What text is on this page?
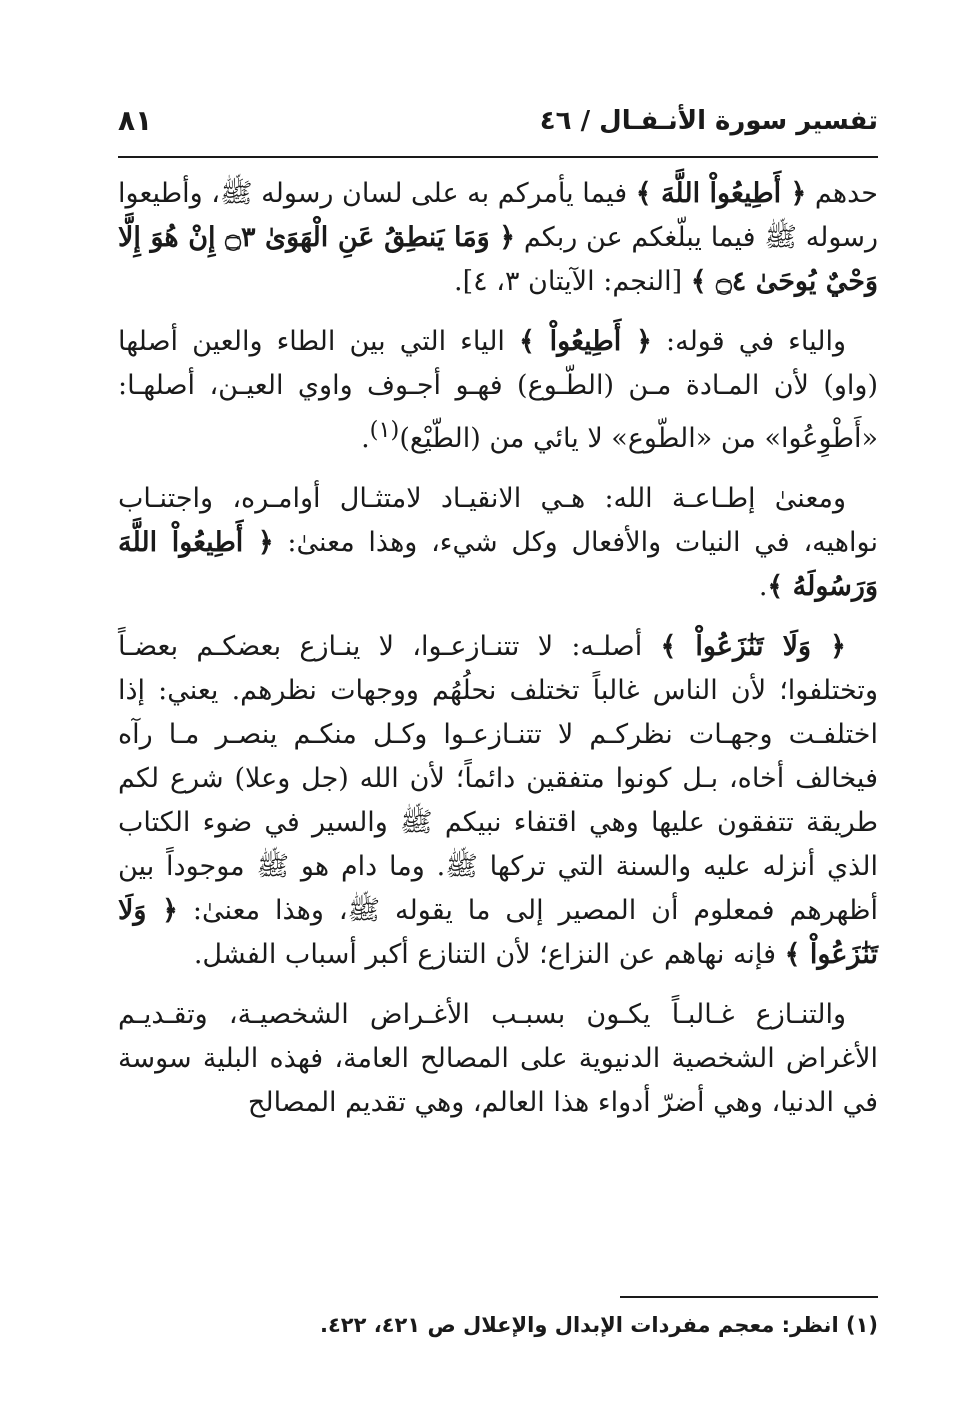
تفسير سورة الأنـفـال / ٤٦
٨١

حدهم ﴿ أَطِيعُواْ اللَّهَ ﴾ فيما يأمركم به على لسان رسوله ﷺ، وأطيعوا رسوله ﷺ فيما يبلّغكم عن ربكم ﴿ وَمَا يَنطِقُ عَنِ الْهَوَىٰ ۝٣ إِنْ هُوَ إِلَّا وَحْيٌ يُوحَىٰ ۝٤ ﴾ [النجم: الآيتان ٣، ٤].

والياء في قوله: ﴿ أَطِيعُواْ ﴾ الياء التي بين الطاء والعين أصلها (واو) لأن المـادة مـن (الطّـوع) فهـو أجـوف واوي العيـن، أصلهـا: «أَطْوِعُوا» من «الطّوع» لا يائي من (الطّيْع)$^{(١)}$.

ومعنىٰ إطـاعـة الله: هـي الانقيـاد لامتثـال أوامـره، واجتنـاب نواهيه، في النيات والأفعال وكل شيء، وهذا معنىٰ: ﴿ أَطِيعُواْ اللَّهَ وَرَسُولَهُ ﴾.

﴿ وَلَا تَنَٰزَعُواْ ﴾ أصلـه: لا تتنـازعـوا، لا ينـازع بعضكـم بعضـاً وتختلفوا؛ لأن الناس غالباً تختلف نحلُهُم ووجهات نظرهم. يعني: إذا اختلفـت وجهـات نظركـم لا تتنـازعـوا وكـل منكـم ينصـر مـا رآه فيخالف أخاه، بـل كونوا متفقين دائماً؛ لأن الله (جل وعلا) شرع لكم طريقة تتفقون عليها وهي اقتفاء نبيكم ﷺ والسير في ضوء الكتاب الذي أنزله عليه والسنة التي تركها ﷺ. وما دام هو ﷺ موجوداً بين أظهرهم فمعلوم أن المصير إلى ما يقوله ﷺ، وهذا معنىٰ: ﴿ وَلَا تَنَٰزَعُواْ ﴾ فإنه نهاهم عن النزاع؛ لأن التنازع أكبر أسباب الفشل.

والتنـازع غـالبـاً يكـون بسبـب الأغـراض الشخصيـة، وتقـديـم الأغراض الشخصية الدنيوية على المصالح العامة، فهذه البلية سوسة في الدنيا، وهي أضرّ أدواء هذا العالم، وهي تقديم المصالح

(١) انظر: معجم مفردات الإبدال والإعلال ص ٤٢١، ٤٢٢.
